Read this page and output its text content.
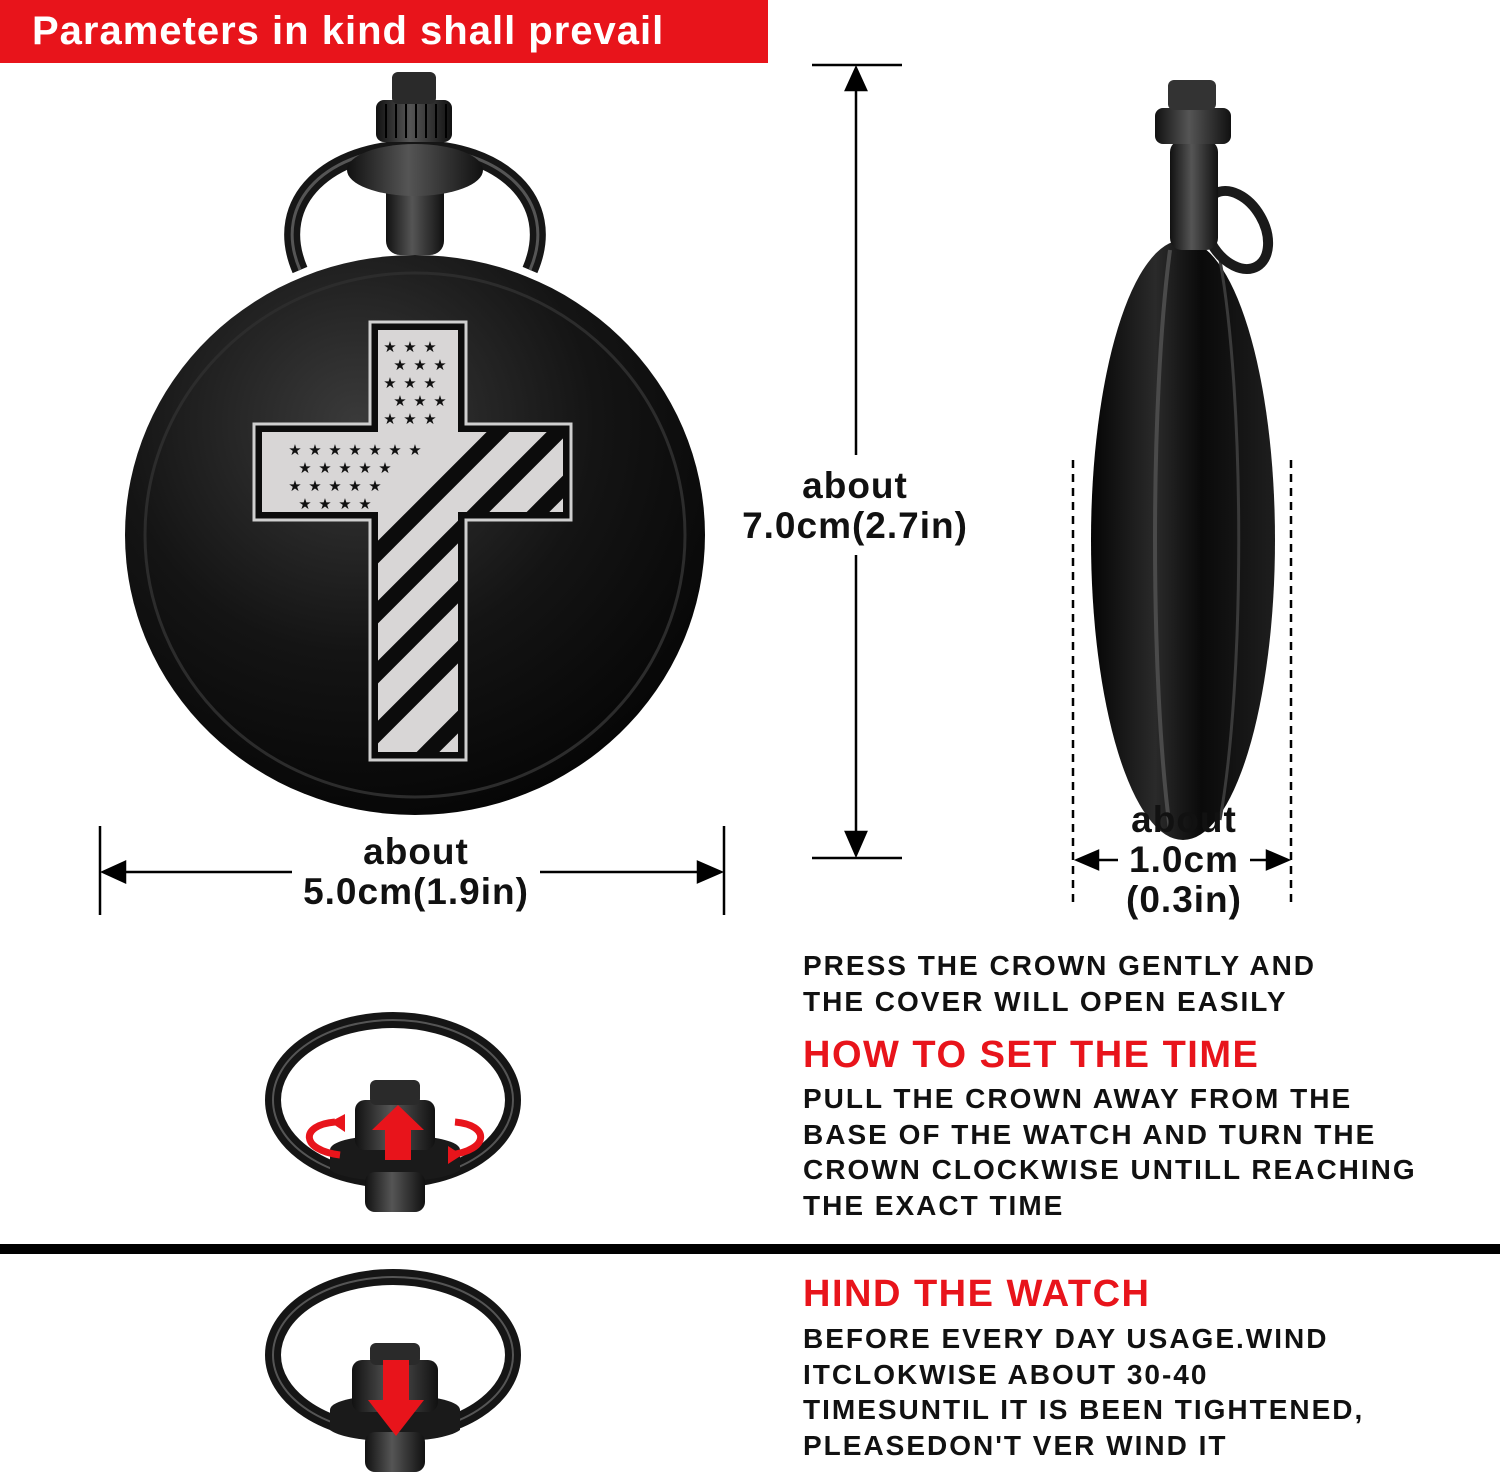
Parameters in kind shall prevail
★ ★ ★
★ ★ ★
★ ★ ★
★ ★ ★
★ ★ ★
★ ★ ★ ★ ★ ★ ★
★ ★ ★ ★ ★
★ ★ ★ ★ ★
★ ★ ★ ★	about
7.0cm(2.7in)
about
5.0cm(1.9in)
about
1.0cm
(0.3in)
PRESS THE CROWN GENTLY AND
THE COVER WILL OPEN EASILY
HOW TO SET THE TIME
PULL THE CROWN AWAY FROM THE
BASE OF THE WATCH AND TURN THE
CROWN CLOCKWISE UNTILL REACHING
THE EXACT TIME
HIND THE WATCH
BEFORE EVERY DAY USAGE.WIND
ITCLOKWISE ABOUT 30-40
TIMESUNTIL IT IS BEEN TIGHTENED,
PLEASEDON'T VER WIND IT
